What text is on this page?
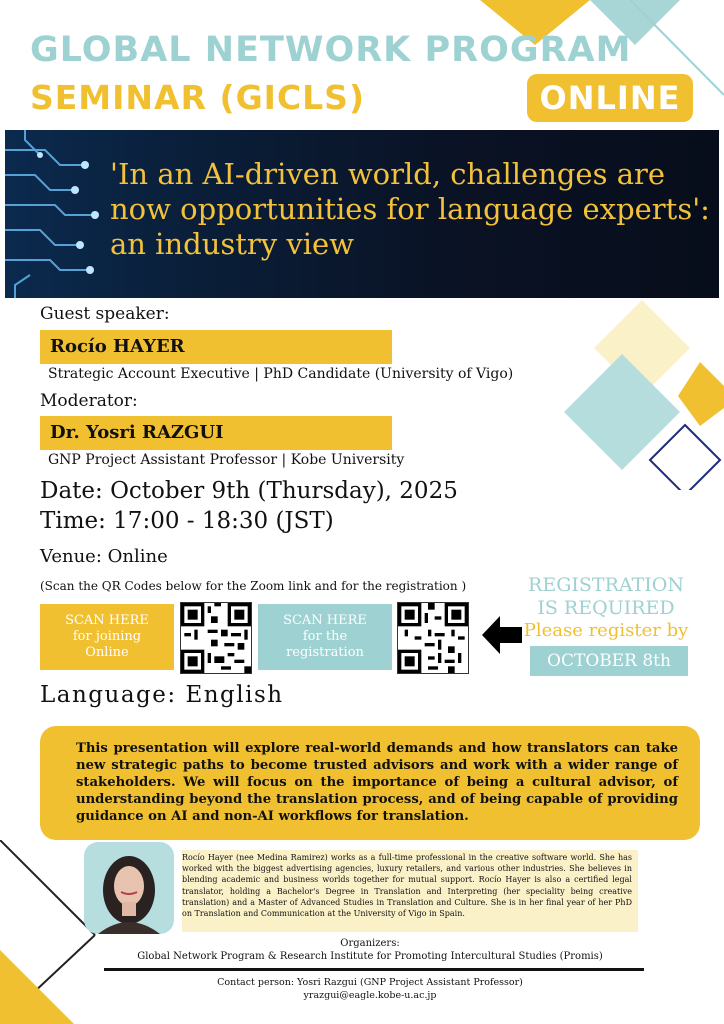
GLOBAL NETWORK PROGRAM
SEMINAR (GICLS)	ONLINE
'In an AI-driven world, challenges are now opportunities for language experts': an industry view
Guest speaker:
Rocío HAYER
Strategic Account Executive | PhD Candidate (University of Vigo)
Moderator:
Dr. Yosri RAZGUI
GNP Project Assistant Professor | Kobe University
Date: October 9th (Thursday), 2025
Time: 17:00 - 18:30 (JST)
Venue: Online
(Scan the QR Codes below for the Zoom link and for the registration )
SCAN HERE
for joining
Online
SCAN HERE
for the
registration
REGISTRATION
IS REQUIRED
Please register by
OCTOBER 8th
Language: English
This presentation will explore real-world demands and how translators can take new strategic paths to become trusted advisors and work with a wider range of stakeholders. We will focus on the importance of being a cultural advisor, of understanding beyond the translation process, and of being capable of providing guidance on AI and non-AI workflows for translation.
Rocío Hayer (nee Medina Ramirez) works as a full-time professional in the creative software world. She has worked with the biggest advertising agencies, luxury retailers, and various other industries. She believes in blending academic and business worlds together for mutual support. Rocío Hayer is also a certified legal translator, holding a Bachelor's Degree in Translation and Interpreting (her speciality being creative translation) and a Master of Advanced Studies in Translation and Culture. She is in her final year of her PhD on Translation and Communication at the University of Vigo in Spain.
Organizers:
Global Network Program & Research Institute for Promoting Intercultural Studies (Promis)
Contact person: Yosri Razgui (GNP Project Assistant Professor)
yrazgui@eagle.kobe-u.ac.jp
